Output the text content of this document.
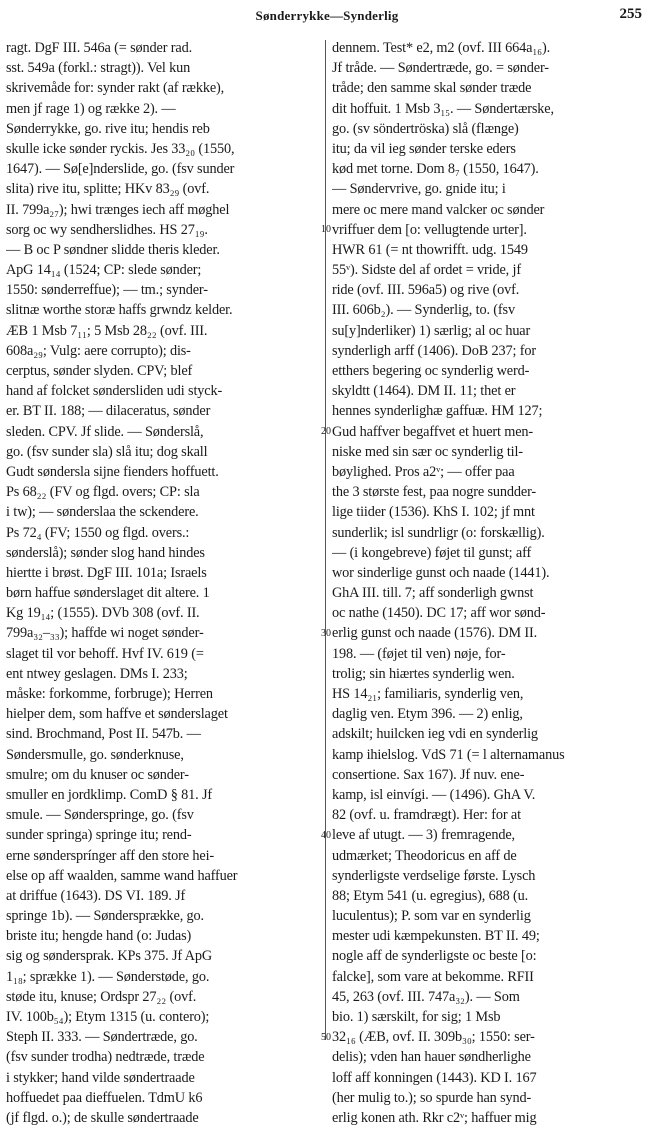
Sønderrykke—Synderlig	255
ragt. DgF III. 546a (= sønder rad.
sst. 549a (forkl.: stragt)). Vel kun
skrivemåde for: synder rakt (af række),
men jf rage 1) og række 2). —
Sønderrykke, go. rive itu; hendis reb
skulle icke sønder ryckis. Jes 33₂₀ (1550,
1647). — Sø[e]nderslide, go. (fsv sunder
slita) rive itu, splitte; HKv 83₂₉ (ovf.
II. 799a₂₇); hwi trænges iech aff møghel
sorg oc wy sendherslidhes. HS 27₁₉.
— B oc P søndner slidde theris kleder.
ApG 14₁₄ (1524; CP: slede sønder;
1550: sønderreffue); — tm.; synder-
slitnæ worthe storæ haffs grwndz kelder.
ÆB 1 Msb 7₁₁; 5 Msb 28₂₂ (ovf. III.
608a₂₉; Vulg: aere corrupto); dis-
cerptus, sønder slyden. CPV; blef
hand af folcket søndersliden udi styck-
er. BT II. 188; — dilaceratus, sønder
sleden. CPV. Jf slide. — Sønderslå,
go. (fsv sunder sla) slå itu; dog skall
Gudt søndersla sijne fienders hoffuett.
Ps 68₂₂ (FV og flgd. overs; CP: sla
i tw); — sønderslaa the sckendere.
Ps 72₄ (FV; 1550 og flgd. overs.:
sønderslå); sønder slog hand hindes
hiertte i brøst. DgF III. 101a; Israels
børn haffue sønderslaget dit altere. 1
Kg 19₁₄; (1555). DVb 308 (ovf. II.
799a₃₂–₃₃); haffde wi noget sønder-
slaget til vor behoff. Hvf IV. 619 (=
ent ntwey geslagen. DMs I. 233;
måske: forkomme, forbruge); Herren
hielper dem, som haffve et sønderslaget
sind. Brochmand, Post II. 547b. —
Søndersmulle, go. sønderknuse,
smulre; om du knuser oc sønder-
smuller en jordklimp. ComD § 81. Jf
smule. — Sønderspringe, go. (fsv
sunder springa) springe itu; rend-
erne søndersprínger aff den store hei-
else op aff waalden, samme wand haffuer
at driffue (1643). DS VI. 189. Jf
springe 1b). — Søndersprække, go.
briste itu; hengde hand (o: Judas)
sig og søndersprak. KPs 375. Jf ApG
1₁₈; sprække 1). — Sønderstøde, go.
støde itu, knuse; Ordspr 27₂₂ (ovf.
IV. 100b₅₄); Etym 1315 (u. contero);
Steph II. 333. — Søndertræde, go.
(fsv sunder trodha) nedtræde, træde
i stykker; hand vilde søndertraade
hoffuedet paa dieffuelen. TdmU k6
(jf flgd. o.); de skulle søndertraade
10
20
30
40
50
dennem. Test* e2, m2 (ovf. III 664a₁₆).
Jf tråde. — Søndertræde, go. = sønder-
tråde; den samme skal sønder træde
dit hoffuit. 1 Msb 3₁₅. — Søndertærske,
go. (sv söndertröska) slå (flænge)
itu; da vil ieg sønder terske eders
kød met torne. Dom 8₇ (1550, 1647).
— Søndervrive, go. gnide itu; i
mere oc mere mand valcker oc sønder
vriffuer dem [o: vellugtende urter].
HWR 61 (= nt thowrifft. udg. 1549
55ᵛ). Sidste del af ordet = vride, jf
ride (ovf. III. 596a5) og rive (ovf.
III. 606b₂). — Synderlig, to. (fsv
su[y]nderliker) 1) særlig; al oc huar
synderligh arff (1406). DoB 237; for
etthers begering oc synderlig werd-
skyldtt (1464). DM II. 11; thet er
hennes synderlighæ gaffuæ. HM 127;
Gud haffver begaffvet et huert men-
niske med sin sær oc synderlig til-
bøylighed. Pros a2ᵛ; — offer paa
the 3 største fest, paa nogre sundder-
lige tiider (1536). KhS I. 102; jf mnt
sunderlik; isl sundrligr (o: forskællig).
— (i kongebreve) føjet til gunst; aff
wor sinderlige gunst och naade (1441).
GhA III. till. 7; aff sonderligh gwnst
oc nathe (1450). DC 17; aff wor sønd-
erlig gunst och naade (1576). DM II.
198. — (føjet til ven) nøje, for-
trolig; sin hiærtes synderlig wen.
HS 14₂₁; familiaris, synderlig ven,
daglig ven. Etym 396. — 2) enlig,
adskilt; huilcken ieg vdi en synderlig
kamp ihielslog. VdS 71 (= l alternamanus
consertione. Sax 167). Jf nuv. ene-
kamp, isl einvígi. — (1496). GhA V.
82 (ovf. u. framdrægt). Her: for at
leve af utugt. — 3) fremragende,
udmærket; Theodoricus en aff de
synderligste verdselige første. Lysch
88; Etym 541 (u. egregius), 688 (u.
luculentus); P. som var en synderlig
mester udi kæmpekunsten. BT II. 49;
nogle aff de synderligste oc beste [o:
falcke], som vare at bekomme. RFII
45, 263 (ovf. III. 747a₃₂). — Som
bio. 1) særskilt, for sig; 1 Msb
32₁₆ (ÆB, ovf. II. 309b₃₀; 1550: ser-
delis); vden han hauer søndherlighe
loff aff konningen (1443). KD I. 167
(her mulig to.); so spurde han synd-
erlig konen ath. Rkr c2ᵛ; haffuer mig
